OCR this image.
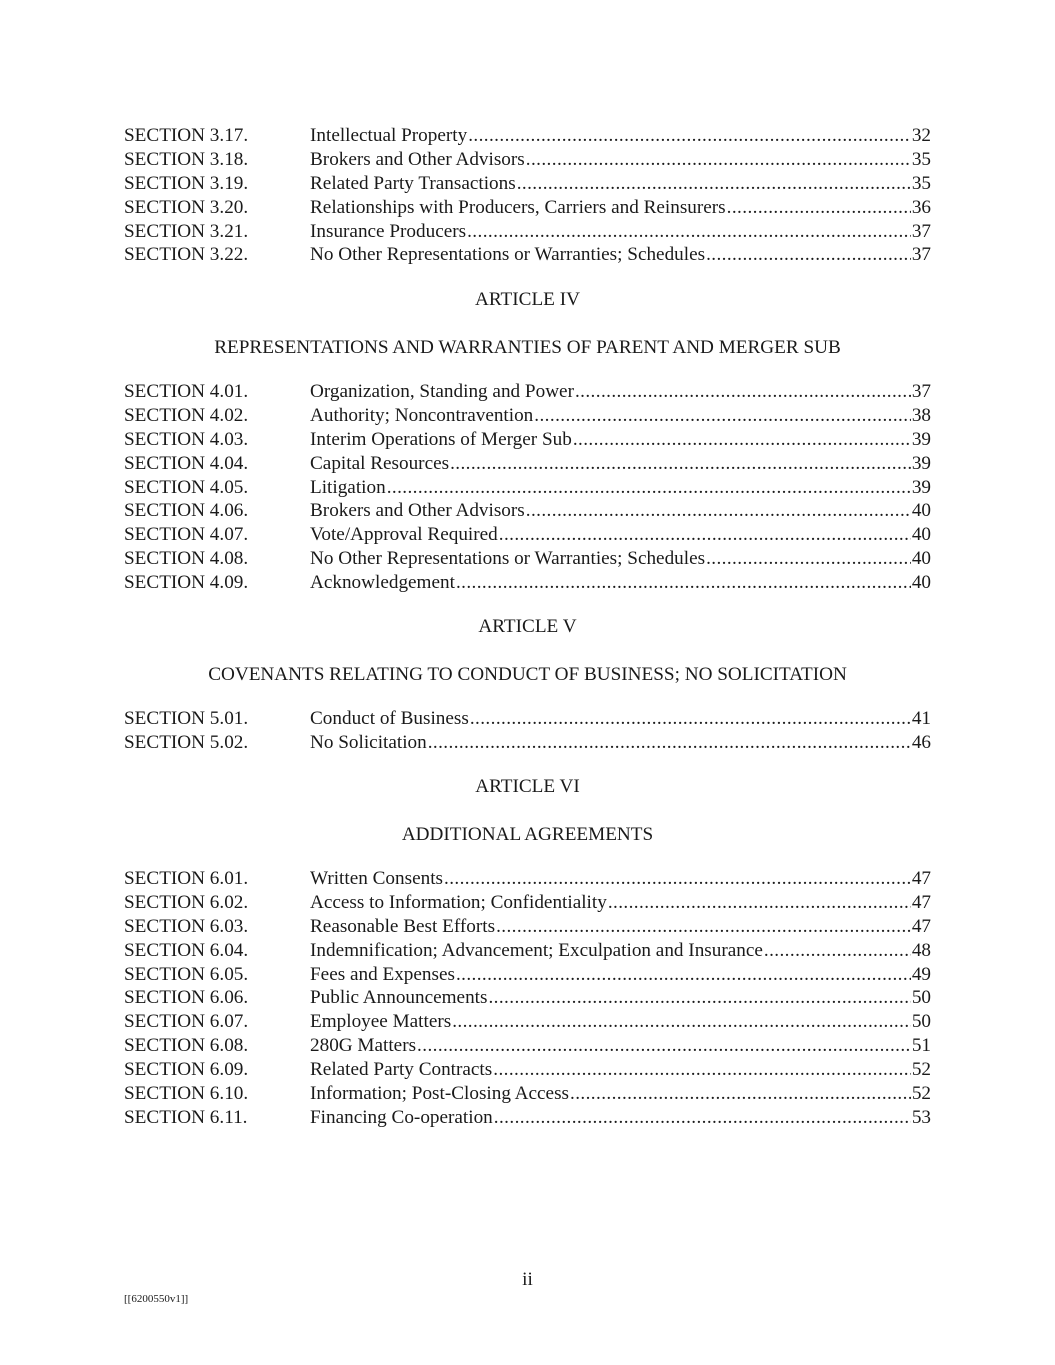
SECTION 3.17.	Intellectual Property .....	32
SECTION 3.18.	Brokers and Other Advisors .....	35
SECTION 3.19.	Related Party Transactions .....	35
SECTION 3.20.	Relationships with Producers, Carriers and Reinsurers .....	36
SECTION 3.21.	Insurance Producers .....	37
SECTION 3.22.	No Other Representations or Warranties; Schedules .....	37
ARTICLE IV
REPRESENTATIONS AND WARRANTIES OF PARENT AND MERGER SUB
SECTION 4.01.	Organization, Standing and Power .....	37
SECTION 4.02.	Authority; Noncontravention .....	38
SECTION 4.03.	Interim Operations of Merger Sub .....	39
SECTION 4.04.	Capital Resources .....	39
SECTION 4.05.	Litigation .....	39
SECTION 4.06.	Brokers and Other Advisors .....	40
SECTION 4.07.	Vote/Approval Required .....	40
SECTION 4.08.	No Other Representations or Warranties; Schedules .....	40
SECTION 4.09.	Acknowledgement .....	40
ARTICLE V
COVENANTS RELATING TO CONDUCT OF BUSINESS; NO SOLICITATION
SECTION 5.01.	Conduct of Business .....	41
SECTION 5.02.	No Solicitation .....	46
ARTICLE VI
ADDITIONAL AGREEMENTS
SECTION 6.01.	Written Consents .....	47
SECTION 6.02.	Access to Information; Confidentiality .....	47
SECTION 6.03.	Reasonable Best Efforts .....	47
SECTION 6.04.	Indemnification; Advancement; Exculpation and Insurance .....	48
SECTION 6.05.	Fees and Expenses .....	49
SECTION 6.06.	Public Announcements .....	50
SECTION 6.07.	Employee Matters .....	50
SECTION 6.08.	280G Matters .....	51
SECTION 6.09.	Related Party Contracts .....	52
SECTION 6.10.	Information; Post-Closing Access .....	52
SECTION 6.11.	Financing Co-operation .....	53
ii
[[6200550v1]]
